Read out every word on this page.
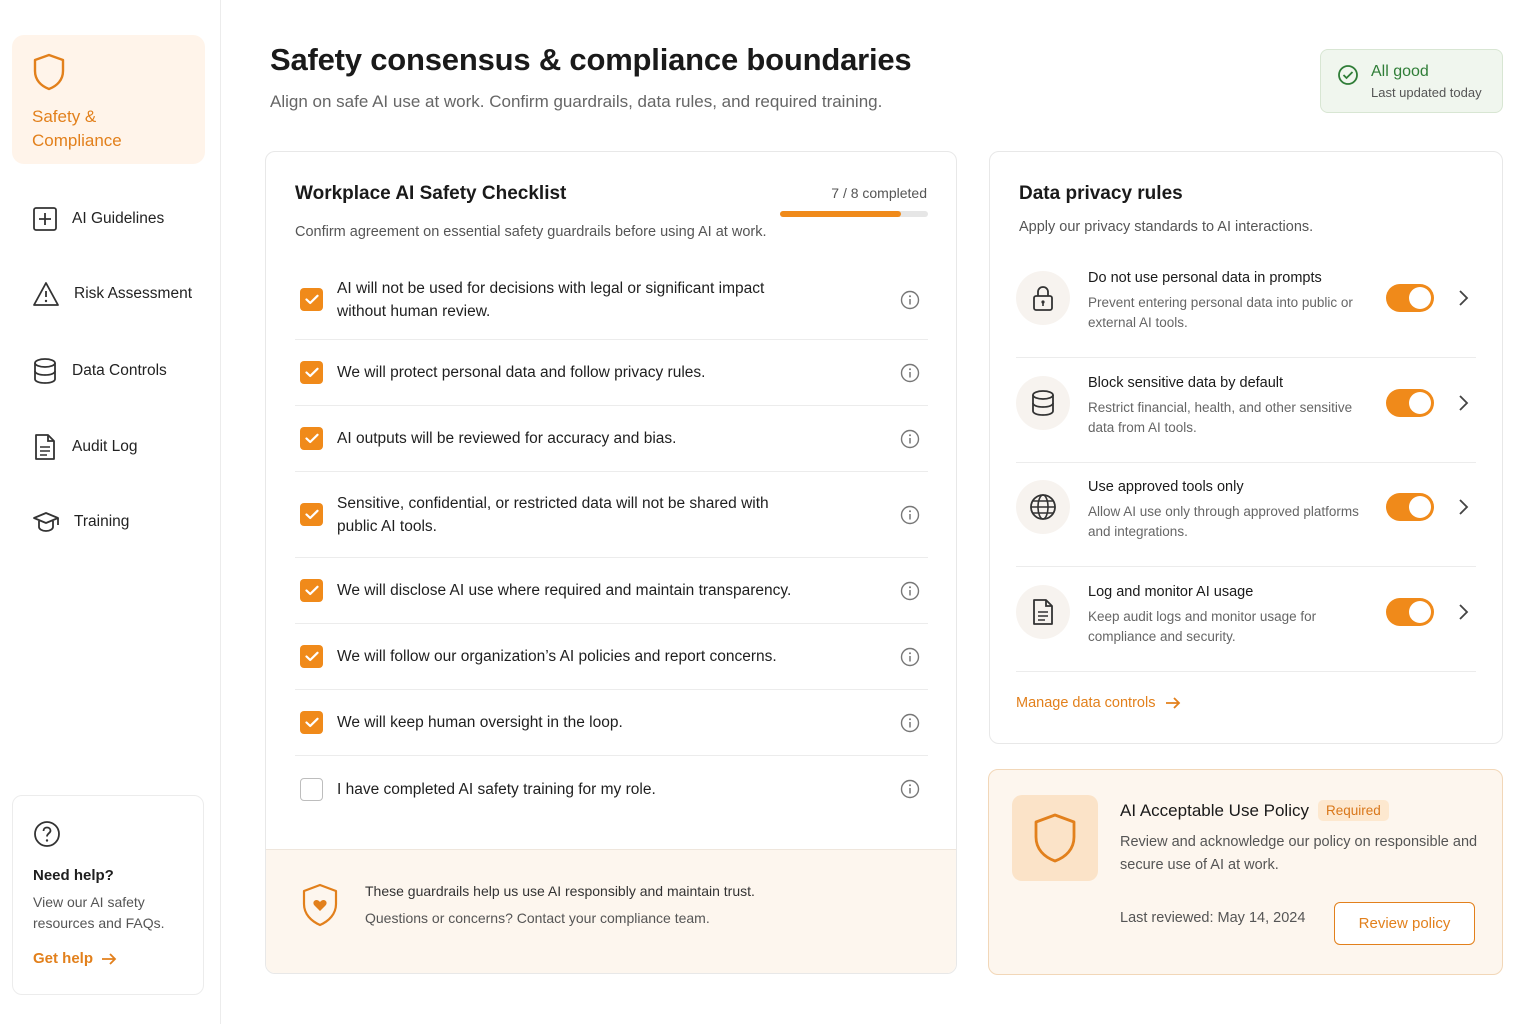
Safety & Compliance
AI Guidelines
Risk Assessment
Data Controls
Audit Log
Training
Need help?
View our AI safety resources and FAQs.
Get help
Safety consensus & compliance boundaries
Align on safe AI use at work. Confirm guardrails, data rules, and required training.
All good
Last updated today
Workplace AI Safety Checklist	7 / 8 completed
Confirm agreement on essential safety guardrails before using AI at work.
AI will not be used for decisions with legal or significant impact without human review.
We will protect personal data and follow privacy rules.
AI outputs will be reviewed for accuracy and bias.
Sensitive, confidential, or restricted data will not be shared with public AI tools.
We will disclose AI use where required and maintain transparency.
We will follow our organization’s AI policies and report concerns.
We will keep human oversight in the loop.
I have completed AI safety training for my role.
These guardrails help us use AI responsibly and maintain trust.
Questions or concerns? Contact your compliance team.
Data privacy rules
Apply our privacy standards to AI interactions.
Do not use personal data in prompts
Prevent entering personal data into public or external AI tools.
Block sensitive data by default
Restrict financial, health, and other sensitive data from AI tools.
Use approved tools only
Allow AI use only through approved platforms and integrations.
Log and monitor AI usage
Keep audit logs and monitor usage for compliance and security.
Manage data controls
AI Acceptable Use Policy	Required
Review and acknowledge our policy on responsible and secure use of AI at work.
Last reviewed: May 14, 2024	Review policy
